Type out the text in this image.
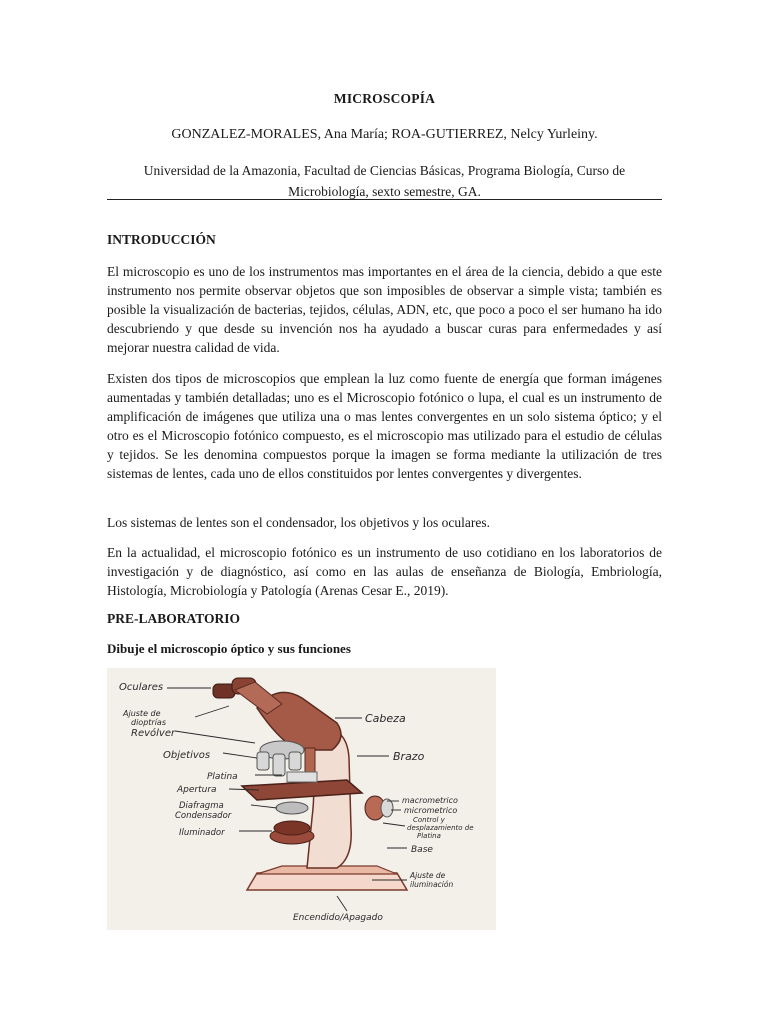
MICROSCOPÍA
GONZALEZ-MORALES, Ana María; ROA-GUTIERREZ, Nelcy Yurleiny.
Universidad de la Amazonia, Facultad de Ciencias Básicas, Programa Biología, Curso de
Microbiología, sexto semestre, GA.
INTRODUCCIÓN
El microscopio es uno de los instrumentos mas importantes en el área de la ciencia, debido a que este instrumento nos permite observar objetos que son imposibles de observar a simple vista; también es posible la visualización de bacterias, tejidos, células, ADN, etc, que poco a poco el ser humano ha ido descubriendo y que desde su invención nos ha ayudado a buscar curas para enfermedades y así mejorar nuestra calidad de vida.
Existen dos tipos de microscopios que emplean la luz como fuente de energía que forman imágenes aumentadas y también detalladas; uno es el Microscopio fotónico o lupa, el cual es un instrumento de amplificación de imágenes que utiliza una o mas lentes convergentes en un solo sistema óptico; y el otro es el Microscopio fotónico compuesto, es el microscopio mas utilizado para el estudio de células y tejidos. Se les denomina compuestos porque la imagen se forma mediante la utilización de tres sistemas de lentes, cada uno de ellos constituidos por lentes convergentes y divergentes.
Los sistemas de lentes son el condensador, los objetivos y los oculares.
En la actualidad, el microscopio fotónico es un instrumento de uso cotidiano en los laboratorios de investigación y de diagnóstico, así como en las aulas de enseñanza de Biología, Embriología, Histología, Microbiología y Patología (Arenas Cesar E., 2019).
PRE-LABORATORIO
Dibuje el microscopio óptico y sus funciones
Oculares
Ajuste de
dioptrías
Revólver
Objetivos
Platina
Apertura
Diafragma
Condensador
Iluminador
Cabeza
Brazo
macrometrico
micrometrico
Control y
desplazamiento de
Platina
Base
Ajuste de
iluminación
Encendido/Apagado
